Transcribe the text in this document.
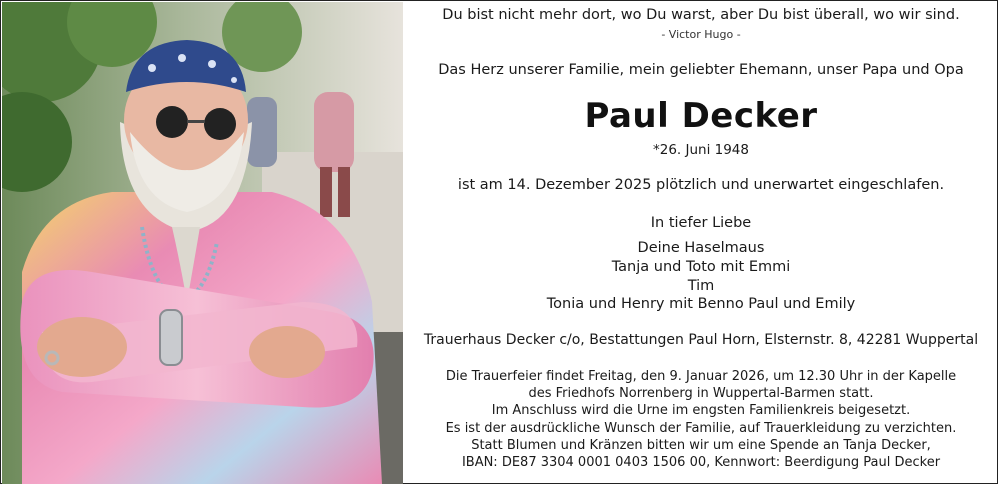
Du bist nicht mehr dort, wo Du warst, aber Du bist überall, wo wir sind.
- Victor Hugo -
Das Herz unserer Familie, mein geliebter Ehemann, unser Papa und Opa
Paul Decker
*26. Juni 1948
ist am 14. Dezember 2025 plötzlich und unerwartet eingeschlafen.
In tiefer Liebe
Deine Haselmaus
Tanja und Toto mit Emmi
Tim
Tonia und Henry mit Benno Paul und Emily
Trauerhaus Decker c/o, Bestattungen Paul Horn, Elsternstr. 8, 42281 Wuppertal
Die Trauerfeier findet Freitag, den 9. Januar 2026, um 12.30 Uhr in der Kapelle
des Friedhofs Norrenberg in Wuppertal-Barmen statt.
Im Anschluss wird die Urne im engsten Familienkreis beigesetzt.
Es ist der ausdrückliche Wunsch der Familie, auf Trauerkleidung zu verzichten.
Statt Blumen und Kränzen bitten wir um eine Spende an Tanja Decker,
IBAN: DE87 3304 0001 0403 1506 00, Kennwort: Beerdigung Paul Decker
